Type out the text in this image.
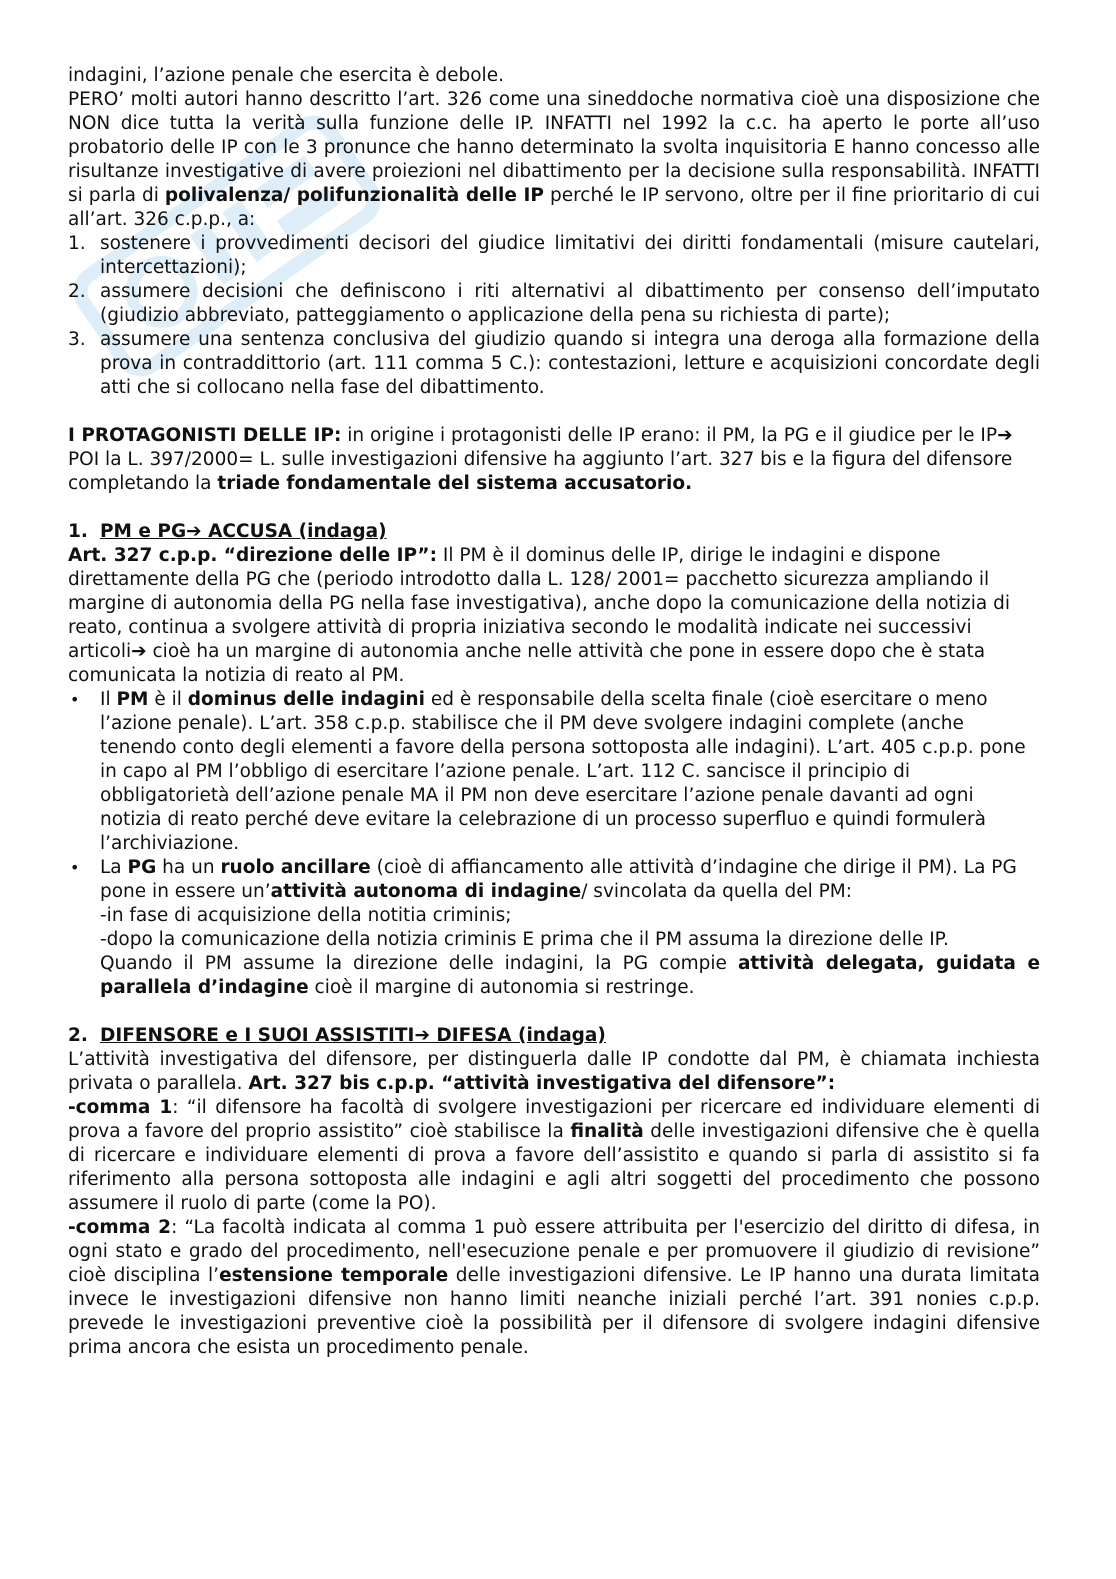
indagini, l’azione penale che esercita è debole.

PERO’ molti autori hanno descritto l’art. 326 come una sineddoche normativa cioè una disposizione che NON dice tutta la verità sulla funzione delle IP. INFATTI nel 1992 la c.c. ha aperto le porte all’uso probatorio delle IP con le 3 pronunce che hanno determinato la svolta inquisitoria E hanno concesso alle risultanze investigative di avere proiezioni nel dibattimento per la decisione sulla responsabilità. INFATTI si parla di polivalenza/ polifunzionalità delle IP perché le IP servono, oltre per il fine prioritario di cui all’art. 326 c.p.p., a:

1. sostenere i provvedimenti decisori del giudice limitativi dei diritti fondamentali (misure cautelari, intercettazioni);
2. assumere decisioni che definiscono i riti alternativi al dibattimento per consenso dell’imputato (giudizio abbreviato, patteggiamento o applicazione della pena su richiesta di parte);
3. assumere una sentenza conclusiva del giudizio quando si integra una deroga alla formazione della prova in contraddittorio (art. 111 comma 5 C.): contestazioni, letture e acquisizioni concordate degli atti che si collocano nella fase del dibattimento.

I PROTAGONISTI DELLE IP: in origine i protagonisti delle IP erano: il PM, la PG e il giudice per le IP➔ POI la L. 397/2000= L. sulle investigazioni difensive ha aggiunto l’art. 327 bis e la figura del difensore completando la triade fondamentale del sistema accusatorio.

1. PM e PG➔ ACCUSA (indaga)

Art. 327 c.p.p. “direzione delle IP”: Il PM è il dominus delle IP, dirige le indagini e dispone direttamente della PG che (periodo introdotto dalla L. 128/ 2001= pacchetto sicurezza ampliando il margine di autonomia della PG nella fase investigativa), anche dopo la comunicazione della notizia di reato, continua a svolgere attività di propria iniziativa secondo le modalità indicate nei successivi articoli➔ cioè ha un margine di autonomia anche nelle attività che pone in essere dopo che è stata comunicata la notizia di reato al PM.

• Il PM è il dominus delle indagini ed è responsabile della scelta finale (cioè esercitare o meno l’azione penale). L’art. 358 c.p.p. stabilisce che il PM deve svolgere indagini complete (anche tenendo conto degli elementi a favore della persona sottoposta alle indagini). L’art. 405 c.p.p. pone in capo al PM l’obbligo di esercitare l’azione penale. L’art. 112 C. sancisce il principio di obbligatorietà dell’azione penale MA il PM non deve esercitare l’azione penale davanti ad ogni notizia di reato perché deve evitare la celebrazione di un processo superfluo e quindi formulerà l’archiviazione.
• La PG ha un ruolo ancillare (cioè di affiancamento alle attività d’indagine che dirige il PM). La PG pone in essere un’attività autonoma di indagine/ svincolata da quella del PM:
-in fase di acquisizione della notitia criminis;
-dopo la comunicazione della notizia criminis E prima che il PM assuma la direzione delle IP.
Quando il PM assume la direzione delle indagini, la PG compie attività delegata, guidata e parallela d’indagine cioè il margine di autonomia si restringe.

2. DIFENSORE e I SUOI ASSISTITI➔ DIFESA (indaga)

L’attività investigativa del difensore, per distinguerla dalle IP condotte dal PM, è chiamata inchiesta privata o parallela. Art. 327 bis c.p.p. “attività investigativa del difensore”:

-comma 1: “il difensore ha facoltà di svolgere investigazioni per ricercare ed individuare elementi di prova a favore del proprio assistito” cioè stabilisce la finalità delle investigazioni difensive che è quella di ricercare e individuare elementi di prova a favore dell’assistito e quando si parla di assistito si fa riferimento alla persona sottoposta alle indagini e agli altri soggetti del procedimento che possono assumere il ruolo di parte (come la PO).

-comma 2: “La facoltà indicata al comma 1 può essere attribuita per l'esercizio del diritto di difesa, in ogni stato e grado del procedimento, nell'esecuzione penale e per promuovere il giudizio di revisione” cioè disciplina l’estensione temporale delle investigazioni difensive. Le IP hanno una durata limitata invece le investigazioni difensive non hanno limiti neanche iniziali perché l’art. 391 nonies c.p.p. prevede le investigazioni preventive cioè la possibilità per il difensore di svolgere indagini difensive prima ancora che esista un procedimento penale.
